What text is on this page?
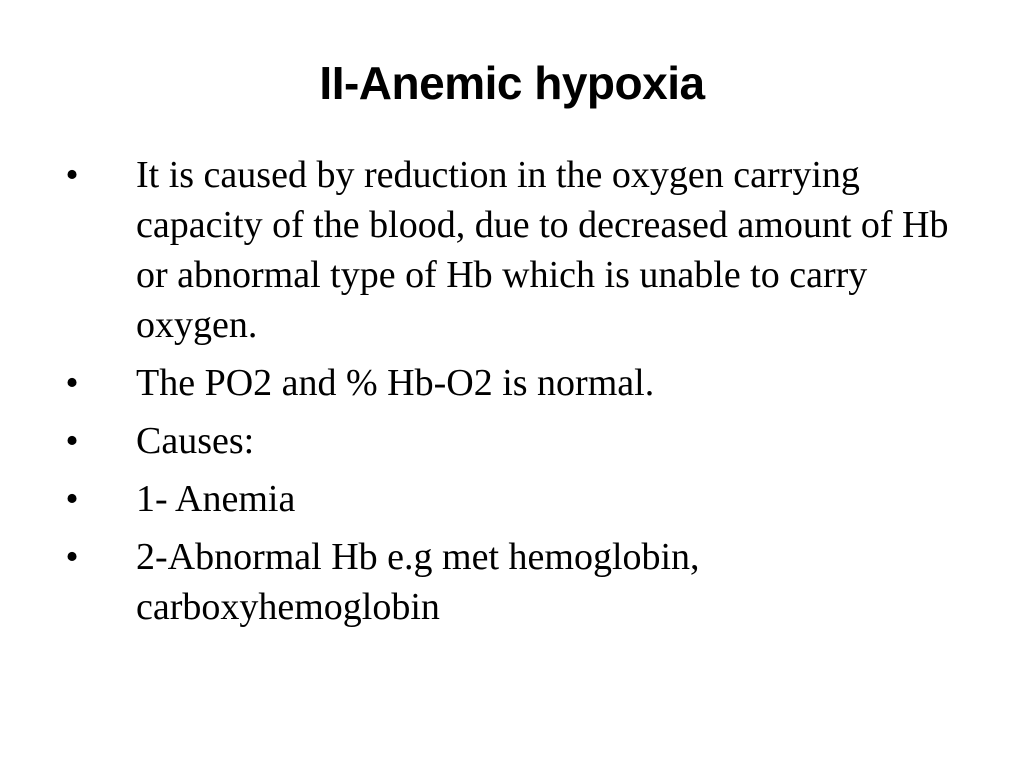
II-Anemic hypoxia
• It is caused by reduction in the oxygen carrying capacity of the blood, due to decreased amount of Hb or abnormal type of Hb which is unable to carry oxygen.
• The PO2 and % Hb-O2 is normal.
• Causes:
• 1- Anemia
• 2-Abnormal Hb e.g met hemoglobin, carboxyhemoglobin
